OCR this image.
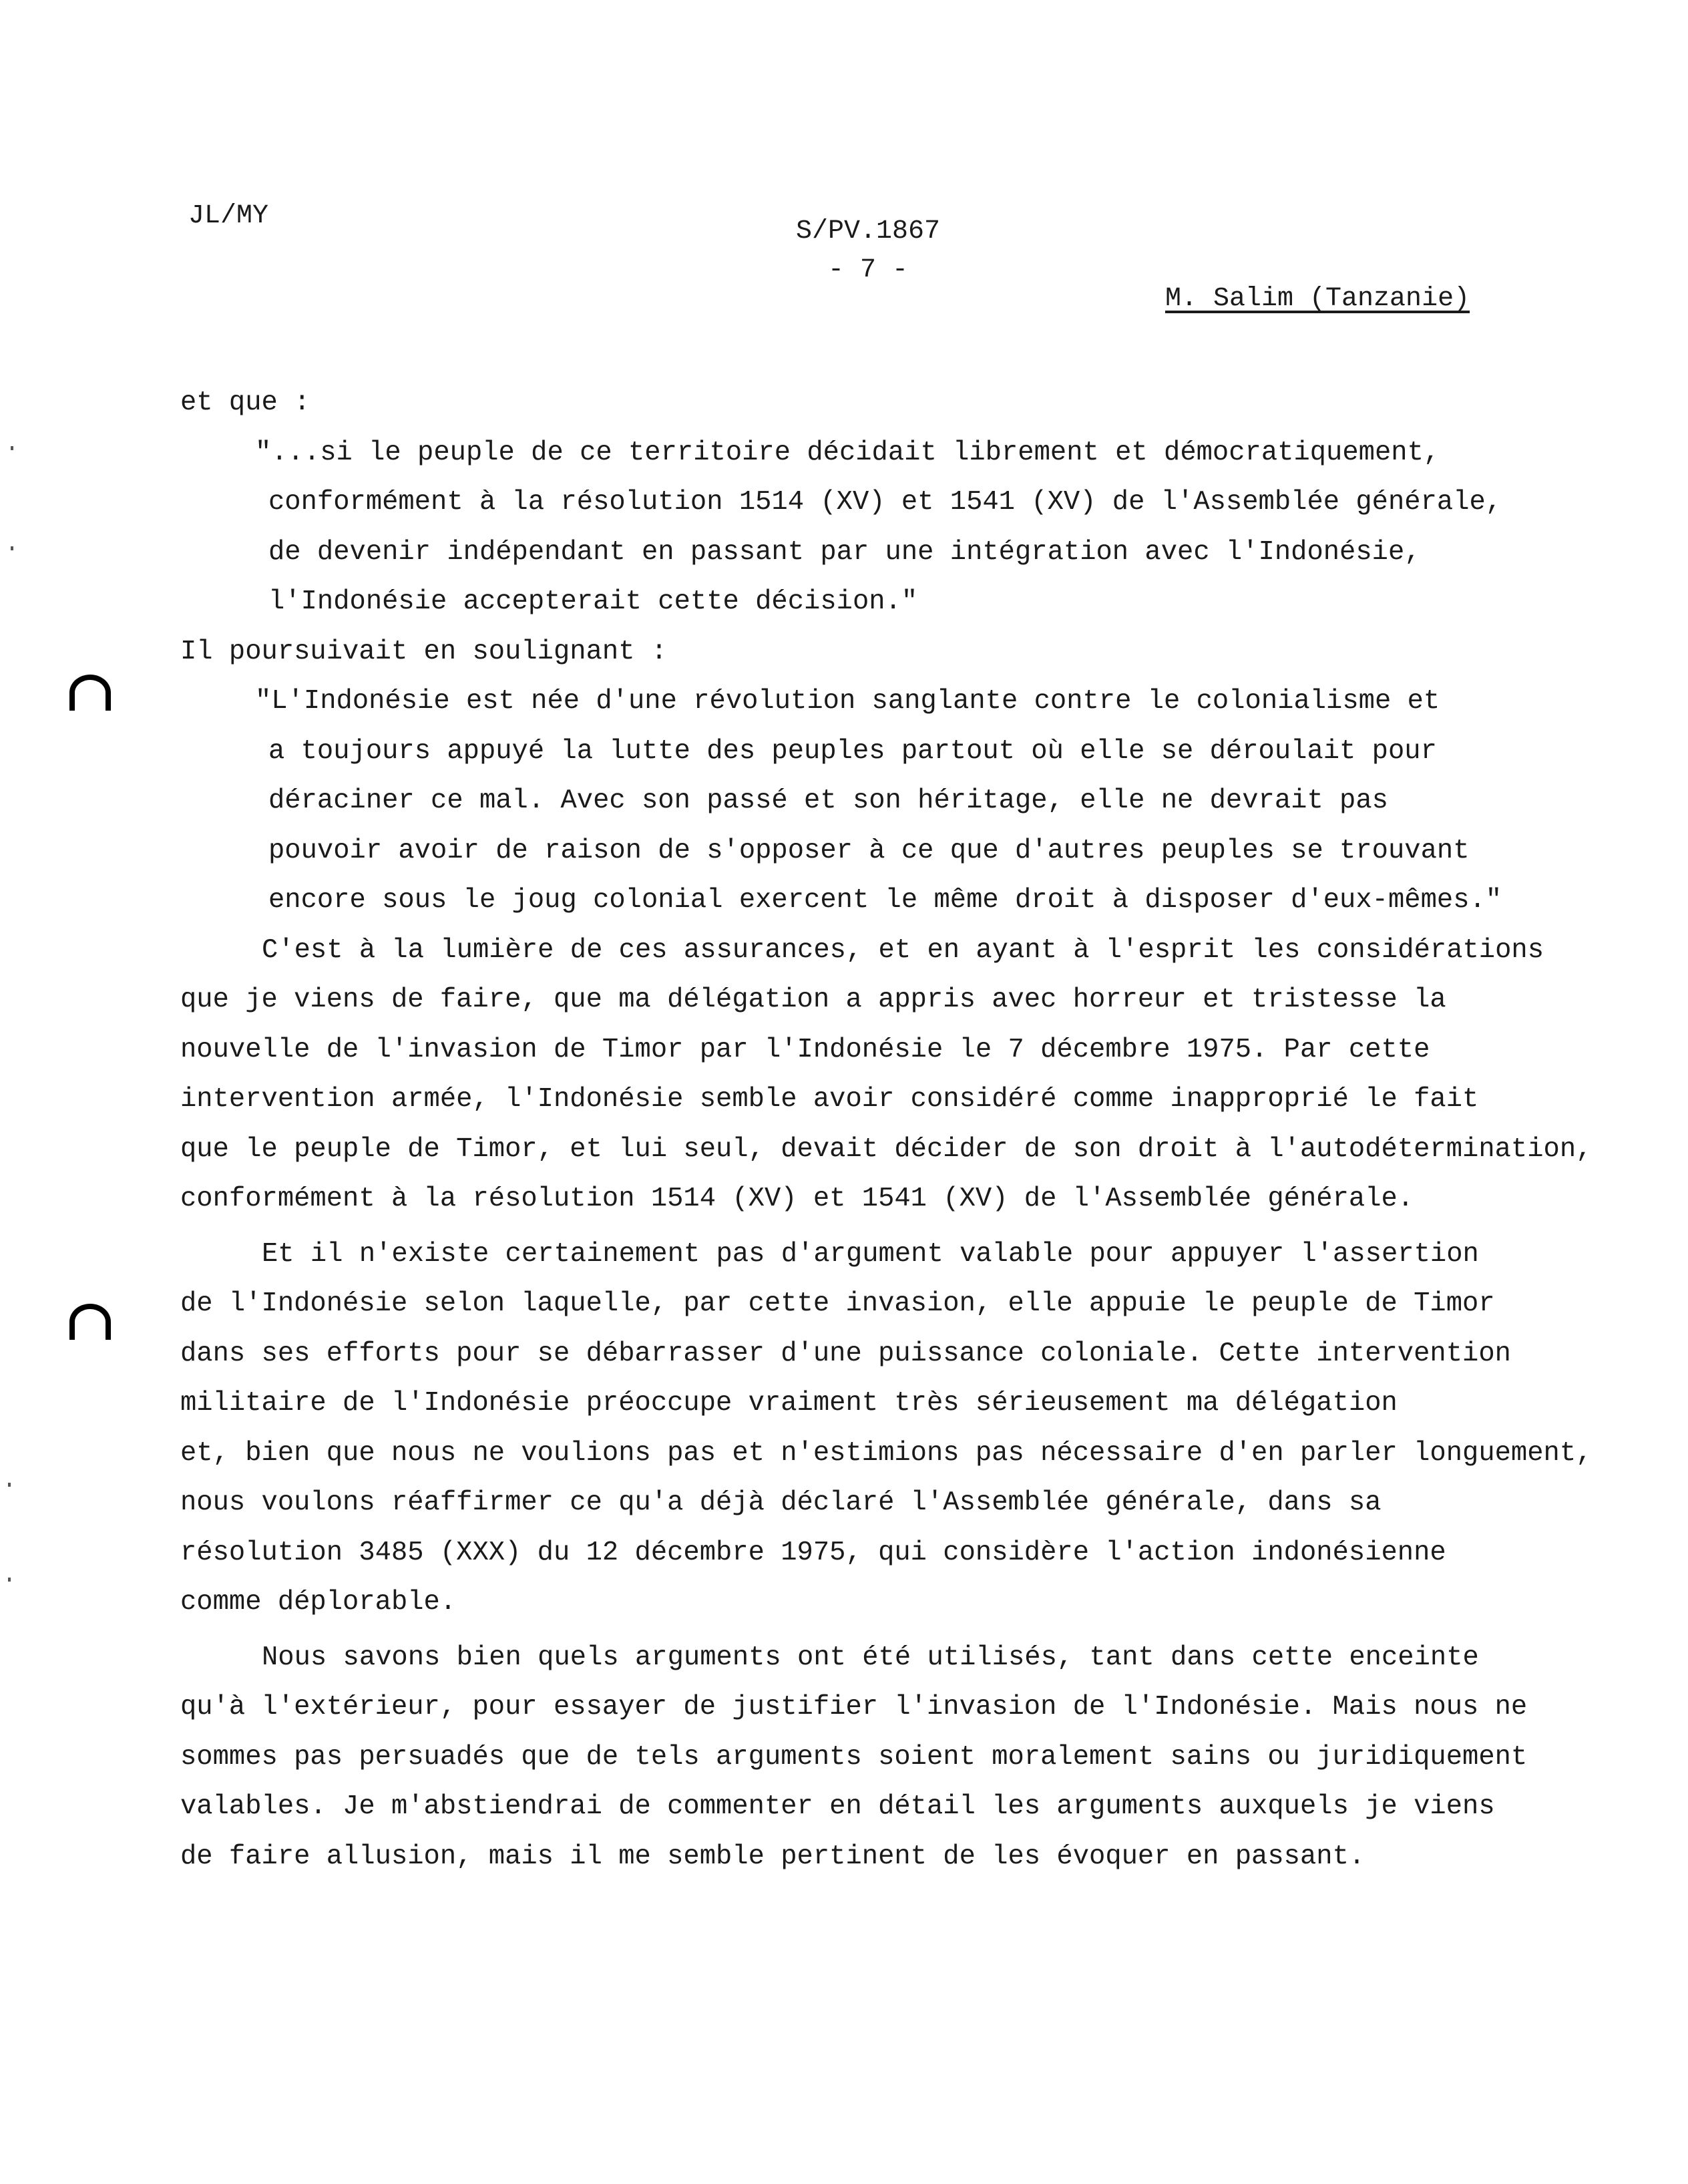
JL/MY
S/PV.1867
- 7 -
M. Salim (Tanzanie)
et que :
"...si le peuple de ce territoire décidait librement et démocratiquement,
conformément à la résolution 1514 (XV) et 1541 (XV) de l'Assemblée générale,
de devenir indépendant en passant par une intégration avec l'Indonésie,
l'Indonésie accepterait cette décision."
Il poursuivait en soulignant :
"L'Indonésie est née d'une révolution sanglante contre le colonialisme et
a toujours appuyé la lutte des peuples partout où elle se déroulait pour
déraciner ce mal. Avec son passé et son héritage, elle ne devrait pas
pouvoir avoir de raison de s'opposer à ce que d'autres peuples se trouvant
encore sous le joug colonial exercent le même droit à disposer d'eux-mêmes."
C'est à la lumière de ces assurances, et en ayant à l'esprit les considérations
que je viens de faire, que ma délégation a appris avec horreur et tristesse la
nouvelle de l'invasion de Timor par l'Indonésie le 7 décembre 1975. Par cette
intervention armée, l'Indonésie semble avoir considéré comme inapproprié le fait
que le peuple de Timor, et lui seul, devait décider de son droit à l'autodétermination,
conformément à la résolution 1514 (XV) et 1541 (XV) de l'Assemblée générale.
Et il n'existe certainement pas d'argument valable pour appuyer l'assertion
de l'Indonésie selon laquelle, par cette invasion, elle appuie le peuple de Timor
dans ses efforts pour se débarrasser d'une puissance coloniale. Cette intervention
militaire de l'Indonésie préoccupe vraiment très sérieusement ma délégation
et, bien que nous ne voulions pas et n'estimions pas nécessaire d'en parler longuement,
nous voulons réaffirmer ce qu'a déjà déclaré l'Assemblée générale, dans sa
résolution 3485 (XXX) du 12 décembre 1975, qui considère l'action indonésienne
comme déplorable.
Nous savons bien quels arguments ont été utilisés, tant dans cette enceinte
qu'à l'extérieur, pour essayer de justifier l'invasion de l'Indonésie. Mais nous ne
sommes pas persuadés que de tels arguments soient moralement sains ou juridiquement
valables. Je m'abstiendrai de commenter en détail les arguments auxquels je viens
de faire allusion, mais il me semble pertinent de les évoquer en passant.
